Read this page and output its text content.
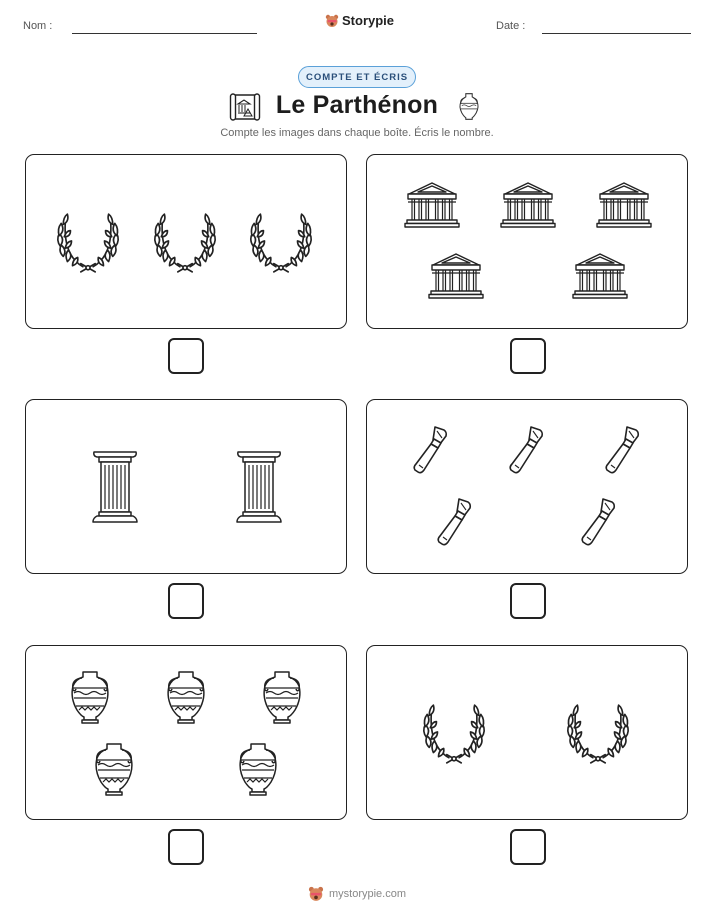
Nom :	Storypie	Date :
COMPTE ET ÉCRIS
Le Parthénon
Compte les images dans chaque boîte. Écris le nombre.
mystorypie.com
